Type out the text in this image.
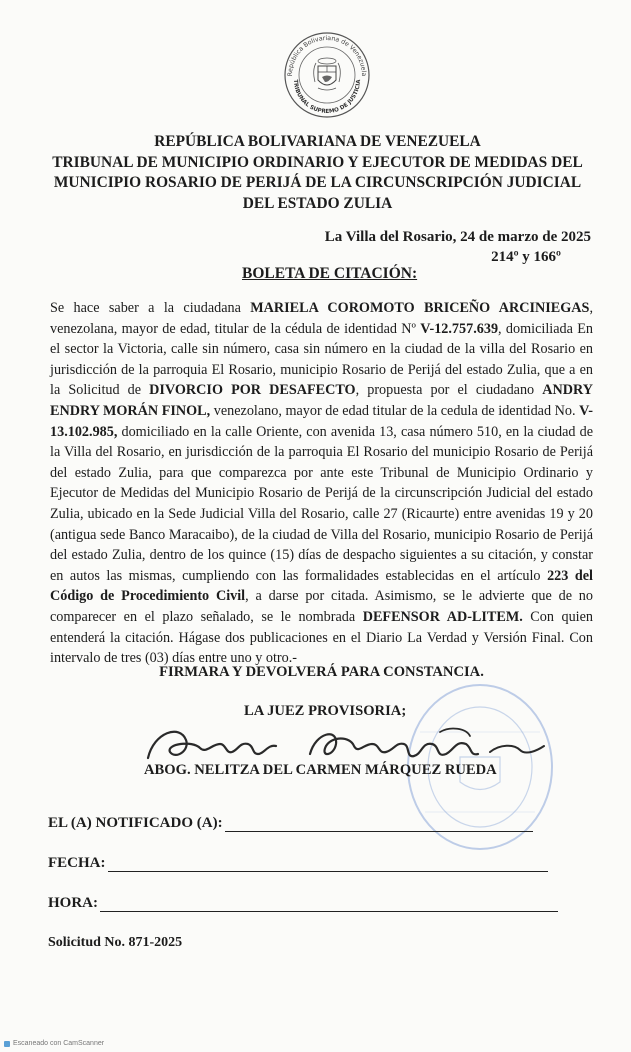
República Bolivariana de Venezuela
TRIBUNAL SUPREMO DE JUSTICIA
REPÚBLICA BOLIVARIANA DE VENEZUELA
TRIBUNAL DE MUNICIPIO ORDINARIO Y EJECUTOR DE MEDIDAS DEL
MUNICIPIO ROSARIO DE PERIJÁ DE LA CIRCUNSCRIPCIÓN JUDICIAL
DEL ESTADO ZULIA
La Villa del Rosario, 24 de marzo de 2025
214º y 166º
BOLETA DE CITACIÓN:
Se hace saber a la ciudadana MARIELA COROMOTO BRICEÑO ARCINIEGAS, venezolana, mayor de edad, titular de la cédula de identidad Nº V-12.757.639, domiciliada En el sector la Victoria, calle sin número, casa sin número en la ciudad de la villa del Rosario en jurisdicción de la parroquia El Rosario, municipio Rosario de Perijá del estado Zulia, que a en la Solicitud de DIVORCIO POR DESAFECTO, propuesta por el ciudadano ANDRY ENDRY MORÁN FINOL, venezolano, mayor de edad titular de la cedula de identidad No. V- 13.102.985, domiciliado en la calle Oriente, con avenida 13, casa número 510, en la ciudad de la Villa del Rosario, en jurisdicción de la parroquia El Rosario del municipio Rosario de Perijá del estado Zulia, para que comparezca por ante este Tribunal de Municipio Ordinario y Ejecutor de Medidas del Municipio Rosario de Perijá de la circunscripción Judicial del estado Zulia, ubicado en la Sede Judicial Villa del Rosario, calle 27 (Ricaurte) entre avenidas 19 y 20 (antigua sede Banco Maracaibo), de la ciudad de Villa del Rosario, municipio Rosario de Perijá del estado Zulia, dentro de los quince (15) días de despacho siguientes a su citación, y constar en autos las mismas, cumpliendo con las formalidades establecidas en el artículo 223 del Código de Procedimiento Civil, a darse por citada. Asimismo, se le advierte que de no comparecer en el plazo señalado, se le nombrada DEFENSOR AD-LITEM. Con quien entenderá la citación. Hágase dos publicaciones en el Diario La Verdad y Versión Final. Con intervalo de tres (03) días entre uno y otro.-
FIRMARA Y DEVOLVERÁ PARA CONSTANCIA.
LA JUEZ PROVISORIA;
ABOG. NELITZA DEL CARMEN MÁRQUEZ RUEDA
EL (A) NOTIFICADO (A):
FECHA:
HORA:
Solicitud No. 871-2025
Escaneado con CamScanner
